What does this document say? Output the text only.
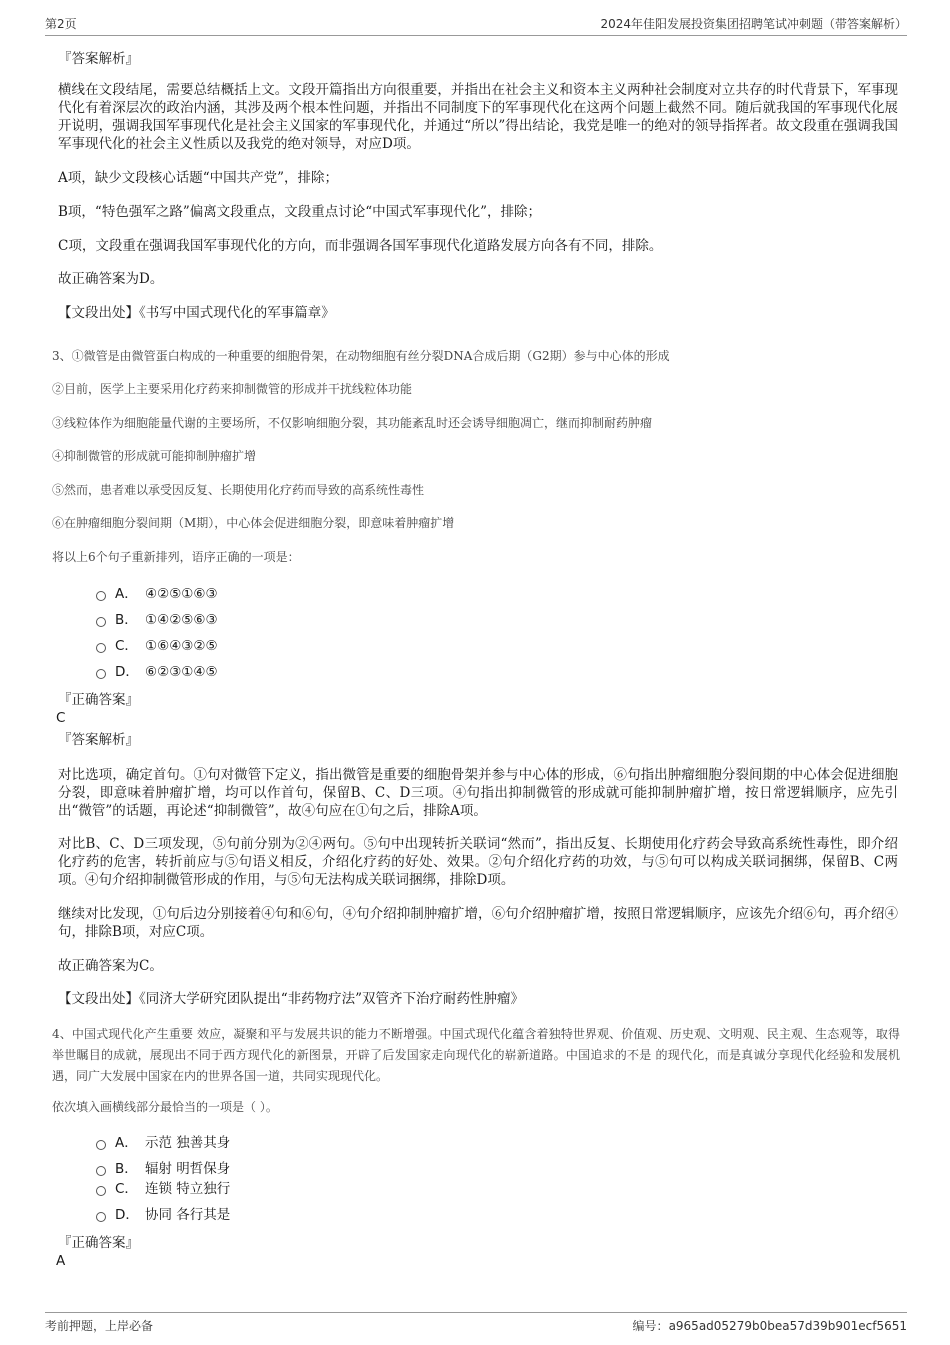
第2页	2024年佳阳发展投资集团招聘笔试冲刺题（带答案解析）
『答案解析』
横线在文段结尾，需要总结概括上文。文段开篇指出方向很重要，并指出在社会主义和资本主义两种社会制度对立共存的时代背景下，军事现代化有着深层次的政治内涵，其涉及两个根本性问题，并指出不同制度下的军事现代化在这两个问题上截然不同。随后就我国的军事现代化展开说明，强调我国军事现代化是社会主义国家的军事现代化，并通过“所以”得出结论，我党是唯一的绝对的领导指挥者。故文段重在强调我国军事现代化的社会主义性质以及我党的绝对领导，对应D项。
A项，缺少文段核心话题“中国共产党”，排除；
B项，“特色强军之路”偏离文段重点，文段重点讨论“中国式军事现代化”，排除；
C项，文段重在强调我国军事现代化的方向，而非强调各国军事现代化道路发展方向各有不同，排除。
故正确答案为D。
【文段出处】《书写中国式现代化的军事篇章》
3、①微管是由微管蛋白构成的一种重要的细胞骨架，在动物细胞有丝分裂DNA合成后期（G2期）参与中心体的形成
②目前，医学上主要采用化疗药来抑制微管的形成并干扰线粒体功能
③线粒体作为细胞能量代谢的主要场所，不仅影响细胞分裂，其功能紊乱时还会诱导细胞凋亡，继而抑制耐药肿瘤
④抑制微管的形成就可能抑制肿瘤扩增
⑤然而，患者难以承受因反复、长期使用化疗药而导致的高系统性毒性
⑥在肿瘤细胞分裂间期（M期），中心体会促进细胞分裂，即意味着肿瘤扩增
将以上6个句子重新排列，语序正确的一项是：
A． ④②⑤①⑥③
B． ①④②⑤⑥③
C． ①⑥④③②⑤
D． ⑥②③①④⑤
『正确答案』
C
『答案解析』
对比选项，确定首句。①句对微管下定义，指出微管是重要的细胞骨架并参与中心体的形成，⑥句指出肿瘤细胞分裂间期的中心体会促进细胞分裂，即意味着肿瘤扩增，均可以作首句，保留B、C、D三项。④句指出抑制微管的形成就可能抑制肿瘤扩增，按日常逻辑顺序，应先引出“微管”的话题，再论述“抑制微管”，故④句应在①句之后，排除A项。
对比B、C、D三项发现，⑤句前分别为②④两句。⑤句中出现转折关联词“然而”，指出反复、长期使用化疗药会导致高系统性毒性，即介绍化疗药的危害，转折前应与⑤句语义相反，介绍化疗药的好处、效果。②句介绍化疗药的功效，与⑤句可以构成关联词捆绑，保留B、C两项。④句介绍抑制微管形成的作用，与⑤句无法构成关联词捆绑，排除D项。
继续对比发现，①句后边分别接着④句和⑥句，④句介绍抑制肿瘤扩增，⑥句介绍肿瘤扩增，按照日常逻辑顺序，应该先介绍⑥句，再介绍④句，排除B项，对应C项。
故正确答案为C。
【文段出处】《同济大学研究团队提出“非药物疗法”双管齐下治疗耐药性肿瘤》
4、中国式现代化产生重要 效应，凝聚和平与发展共识的能力不断增强。中国式现代化蕴含着独特世界观、价值观、历史观、文明观、民主观、生态观等，取得举世瞩目的成就，展现出不同于西方现代化的新图景，开辟了后发国家走向现代化的崭新道路。中国追求的不是 的现代化，而是真诚分享现代化经验和发展机遇，同广大发展中国家在内的世界各国一道，共同实现现代化。
依次填入画横线部分最恰当的一项是（ ）。
A． 示范 独善其身
B． 辐射 明哲保身
C． 连锁 特立独行
D． 协同 各行其是
『正确答案』
A
考前押题，上岸必备	编号：a965ad05279b0bea57d39b901ecf5651
